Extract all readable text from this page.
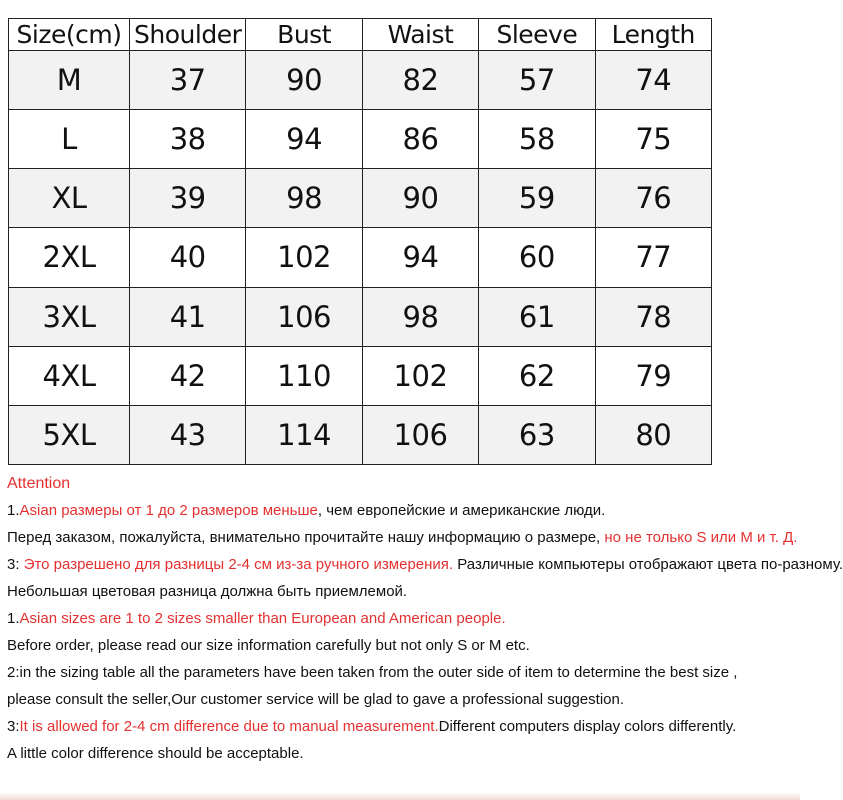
Size(cm)	Shoulder	Bust	Waist	Sleeve	Length
M	37	90	82	57	74
L	38	94	86	58	75
XL	39	98	90	59	76
2XL	40	102	94	60	77
3XL	41	106	98	61	78
4XL	42	110	102	62	79
5XL	43	114	106	63	80
Attention
1.Asian размеры от 1 до 2 размеров меньше, чем европейские и американские люди.
Перед заказом, пожалуйста, внимательно прочитайте нашу информацию о размере, но не только S или M и т. Д.
3: Это разрешено для разницы 2-4 см из-за ручного измерения. Различные компьютеры отображают цвета по-разному.
Небольшая цветовая разница должна быть приемлемой.
1.Asian sizes are 1 to 2 sizes smaller than European and American people.
Before order, please read our size information carefully but not only S or M etc.
2:in the sizing table all the parameters have been taken from the outer side of item to determine the best size ,
please consult the seller,Our customer service will be glad to gave a professional suggestion.
3:It is allowed for 2-4 cm difference due to manual measurement.Different computers display colors differently.
A little color difference should be acceptable.
